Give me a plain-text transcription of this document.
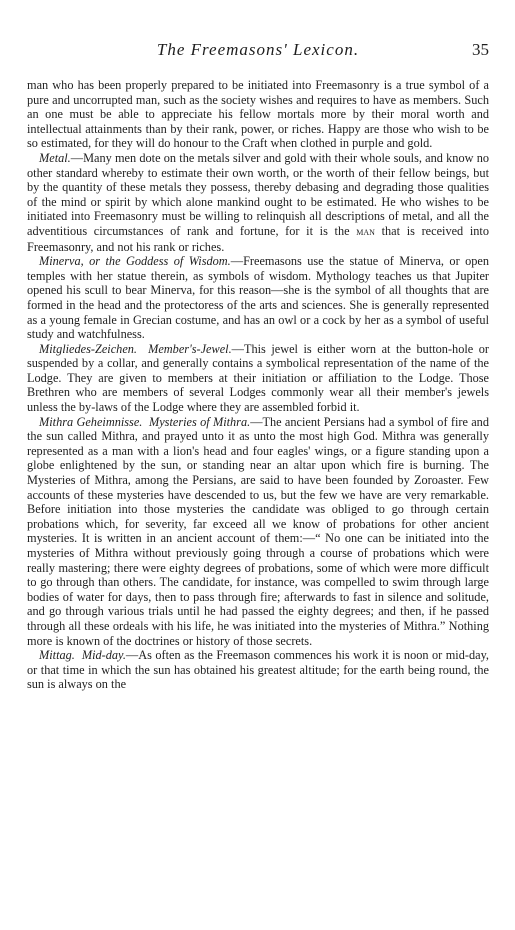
The Freemasons' Lexicon.	35

man who has been properly prepared to be initiated into Freemasonry is a true symbol of a pure and uncorrupted man, such as the society wishes and requires to have as members. Such an one must be able to appreciate his fellow mortals more by their moral worth and intellectual attainments than by their rank, power, or riches. Happy are those who wish to be so estimated, for they will do honour to the Craft when clothed in purple and gold.

Metal.—Many men dote on the metals silver and gold with their whole souls, and know no other standard whereby to estimate their own worth, or the worth of their fellow beings, but by the quantity of these metals they possess, thereby debasing and degrading those qualities of the mind or spirit by which alone mankind ought to be estimated. He who wishes to be initiated into Freemasonry must be willing to relinquish all descriptions of metal, and all the adventitious circumstances of rank and fortune, for it is the man that is received into Freemasonry, and not his rank or riches.

Minerva, or the Goddess of Wisdom.—Freemasons use the statue of Minerva, or open temples with her statue therein, as symbols of wisdom. Mythology teaches us that Jupiter opened his scull to bear Minerva, for this reason—she is the symbol of all thoughts that are formed in the head and the protectoress of the arts and sciences. She is generally represented as a young female in Grecian costume, and has an owl or a cock by her as a symbol of useful study and watchfulness.

Mitgliedes-Zeichen. Member's-Jewel.—This jewel is either worn at the button-hole or suspended by a collar, and generally contains a symbolical representation of the name of the Lodge. They are given to members at their initiation or affiliation to the Lodge. Those Brethren who are members of several Lodges commonly wear all their member's jewels unless the by-laws of the Lodge where they are assembled forbid it.

Mithra Geheimnisse. Mysteries of Mithra.—The ancient Persians had a symbol of fire and the sun called Mithra, and prayed unto it as unto the most high God. Mithra was generally represented as a man with a lion's head and four eagles' wings, or a figure standing upon a globe enlightened by the sun, or standing near an altar upon which fire is burning. The Mysteries of Mithra, among the Persians, are said to have been founded by Zoroaster. Few accounts of these mysteries have descended to us, but the few we have are very remarkable. Before initiation into those mysteries the candidate was obliged to go through certain probations which, for severity, far exceed all we know of probations for other ancient mysteries. It is written in an ancient account of them:—“ No one can be initiated into the mysteries of Mithra without previously going through a course of probations which were really mastering; there were eighty degrees of probations, some of which were more difficult to go through than others. The candidate, for instance, was compelled to swim through large bodies of water for days, then to pass through fire; afterwards to fast in silence and solitude, and go through various trials until he had passed the eighty degrees; and then, if he passed through all these ordeals with his life, he was initiated into the mysteries of Mithra.” Nothing more is known of the doctrines or history of those secrets.

Mittag. Mid-day.—As often as the Freemason commences his work it is noon or mid-day, or that time in which the sun has obtained his greatest altitude; for the earth being round, the sun is always on the
